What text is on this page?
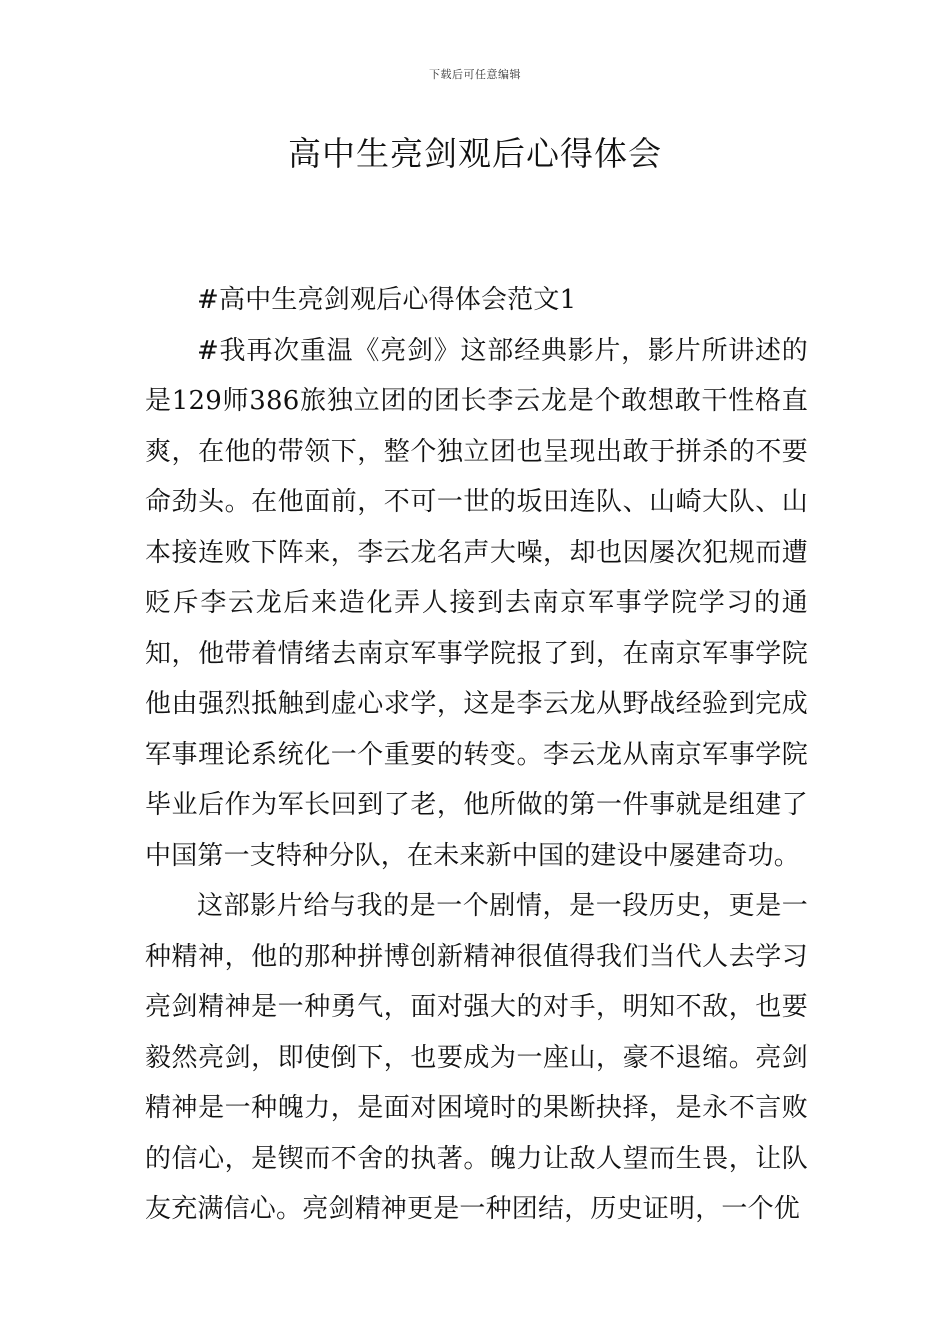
下载后可任意编辑
高中生亮剑观后心得体会

#高中生亮剑观后心得体会范文1

#我再次重温《亮剑》这部经典影片，影片所讲述的是129师386旅独立团的团长李云龙是个敢想敢干性格直爽，在他的带领下，整个独立团也呈现出敢于拼杀的不要命劲头。在他面前，不可一世的坂田连队、山崎大队、山本接连败下阵来，李云龙名声大噪，却也因屡次犯规而遭贬斥李云龙后来造化弄人接到去南京军事学院学习的通知，他带着情绪去南京军事学院报了到，在南京军事学院他由强烈抵触到虚心求学，这是李云龙从野战经验到完成军事理论系统化一个重要的转变。李云龙从南京军事学院毕业后作为军长回到了老，他所做的第一件事就是组建了中国第一支特种分队，在未来新中国的建设中屡建奇功。

这部影片给与我的是一个剧情，是一段历史，更是一种精神，他的那种拼博创新精神很值得我们当代人去学习亮剑精神是一种勇气，面对强大的对手，明知不敌，也要毅然亮剑，即使倒下，也要成为一座山，豪不退缩。亮剑精神是一种魄力，是面对困境时的果断抉择，是永不言败的信心，是锲而不舍的执著。魄力让敌人望而生畏，让队友充满信心。亮剑精神更是一种团结，历史证明，一个优
